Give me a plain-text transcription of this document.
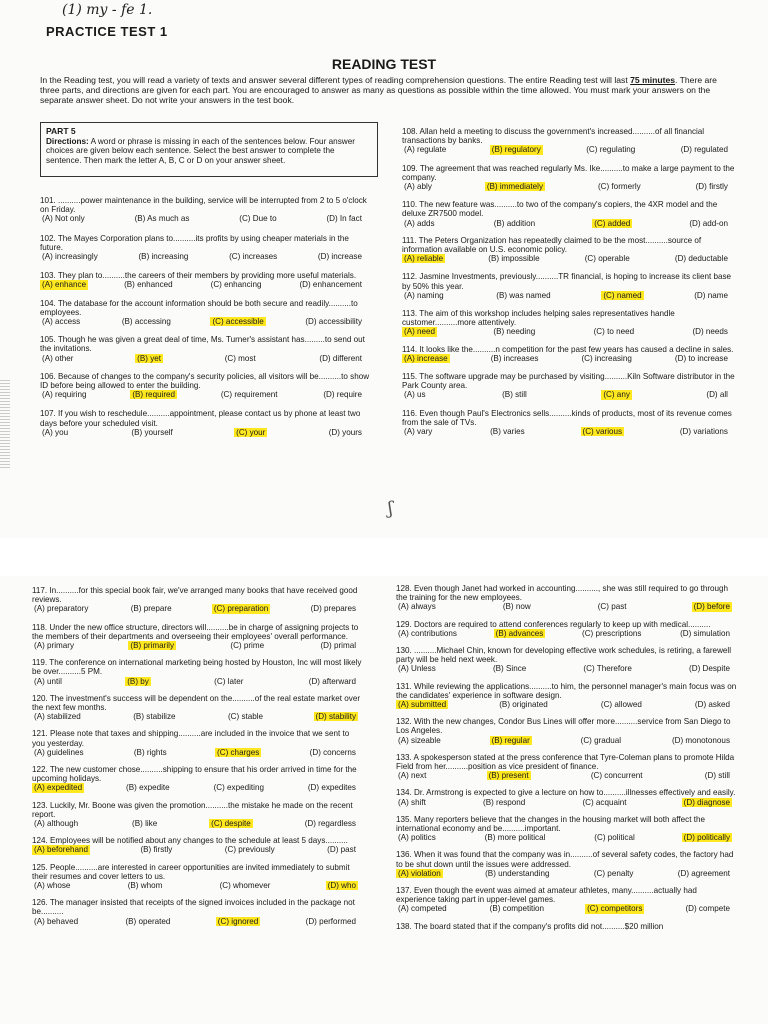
(1) my - fe 1.
PRACTICE TEST 1
READING TEST
In the Reading test, you will read a variety of texts and answer several different types of reading comprehension questions. The entire Reading test will last 75 minutes. There are three parts, and directions are given for each part. You are encouraged to answer as many as questions as possible within the time allowed. You must mark your answers on the separate answer sheet. Do not write your answers in the test book.
PART 5
Directions: A word or phrase is missing in each of the sentences below. Four answer choices are given below each sentence. Select the best answer to complete the sentence. Then mark the letter A, B, C or D on your answer sheet.
101. ..........power maintenance in the building, service will be interrupted from 2 to 5 o'clock on Friday.
(A) Not only	(B) As much as	(C) Due to	(D) In fact
102. The Mayes Corporation plans to..........its profits by using cheaper materials in the future.
(A) increasingly	(B) increasing	(C) increases	(D) increase
103. They plan to..........the careers of their members by providing more useful materials.
(A) enhance	(B) enhanced	(C) enhancing	(D) enhancement
104. The database for the account information should be both secure and readily..........to employees.
(A) access	(B) accessing	(C) accessible	(D) accessibility
105. Though he was given a great deal of time, Ms. Turner's assistant has.........to send out the invitations.
(A) other	(B) yet	(C) most	(D) different
106. Because of changes to the company's security policies, all visitors will be..........to show ID before being allowed to enter the building.
(A) requiring	(B) required	(C) requirement	(D) require
107. If you wish to reschedule..........appointment, please contact us by phone at least two days before your scheduled visit.
(A) you	(B) yourself	(C) your	(D) yours
108. Allan held a meeting to discuss the government's increased..........of all financial transactions by banks.
(A) regulate	(B) regulatory	(C) regulating	(D) regulated
109. The agreement that was reached regularly Ms. Ike..........to make a large payment to the company.
(A) ably	(B) immediately	(C) formerly	(D) firstly
110. The new feature was..........to two of the company's copiers, the 4XR model and the deluxe ZR7500 model.
(A) adds	(B) addition	(C) added	(D) add-on
111. The Peters Organization has repeatedly claimed to be the most..........source of information available on U.S. economic policy.
(A) reliable	(B) impossible	(C) operable	(D) deductable
112. Jasmine Investments, previously..........TR financial, is hoping to increase its client base by 50% this year.
(A) naming	(B) was named	(C) named	(D) name
113. The aim of this workshop includes helping sales representatives handle customer..........more attentively.
(A) need	(B) needing	(C) to need	(D) needs
114. It looks like the..........n competition for the past few years has caused a decline in sales.
(A) increase	(B) increases	(C) increasing	(D) to increase
115. The software upgrade may be purchased by visiting..........Kiln Software distributor in the Park County area.
(A) us	(B) still	(C) any	(D) all
116. Even though Paul's Electronics sells..........kinds of products, most of its revenue comes from the sale of TVs.
(A) vary	(B) varies	(C) various	(D) variations
ʃ
117. In..........for this special book fair, we've arranged many books that have received good reviews.
(A) preparatory	(B) prepare	(C) preparation	(D) prepares
118. Under the new office structure, directors will..........be in charge of assigning projects to the members of their departments and overseeing their employees' overall performance.
(A) primary	(B) primarily	(C) prime	(D) primal
119. The conference on international marketing being hosted by Houston, Inc will most likely be over..........5 PM.
(A) until	(B) by	(C) later	(D) afterward
120. The investment's success will be dependent on the..........of the real estate market over the next few months.
(A) stabilized	(B) stabilize	(C) stable	(D) stability
121. Please note that taxes and shipping..........are included in the invoice that we sent to you yesterday.
(A) guidelines	(B) rights	(C) charges	(D) concerns
122. The new customer chose..........shipping to ensure that his order arrived in time for the upcoming holidays.
(A) expedited	(B) expedite	(C) expediting	(D) expedites
123. Luckily, Mr. Boone was given the promotion..........the mistake he made on the recent report.
(A) although	(B) like	(C) despite	(D) regardless
124. Employees will be notified about any changes to the schedule at least 5 days..........
(A) beforehand	(B) firstly	(C) previously	(D) past
125. People..........are interested in career opportunities are invited immediately to submit their resumes and cover letters to us.
(A) whose	(B) whom	(C) whomever	(D) who
126. The manager insisted that receipts of the signed invoices included in the package not be..........
(A) behaved	(B) operated	(C) ignored	(D) performed
128. Even though Janet had worked in accounting.........., she was still required to go through the training for the new employees.
(A) always	(B) now	(C) past	(D) before
129. Doctors are required to attend conferences regularly to keep up with medical..........
(A) contributions	(B) advances	(C) prescriptions	(D) simulation
130. ..........Michael Chin, known for developing effective work schedules, is retiring, a farewell party will be held next week.
(A) Unless	(B) Since	(C) Therefore	(D) Despite
131. While reviewing the applications..........to him, the personnel manager's main focus was on the candidates' experience in software design.
(A) submitted	(B) originated	(C) allowed	(D) asked
132. With the new changes, Condor Bus Lines will offer more..........service from San Diego to Los Angeles.
(A) sizeable	(B) regular	(C) gradual	(D) monotonous
133. A spokesperson stated at the press conference that Tyre-Coleman plans to promote Hilda Field from her..........position as vice president of finance.
(A) next	(B) present	(C) concurrent	(D) still
134. Dr. Armstrong is expected to give a lecture on how to..........illnesses effectively and easily.
(A) shift	(B) respond	(C) acquaint	(D) diagnose
135. Many reporters believe that the changes in the housing market will both affect the international economy and be..........important.
(A) politics	(B) more political	(C) political	(D) politically
136. When it was found that the company was in..........of several safety codes, the factory had to be shut down until the issues were addressed.
(A) violation	(B) understanding	(C) penalty	(D) agreement
137. Even though the event was aimed at amateur athletes, many..........actually had experience taking part in upper-level games.
(A) competed	(B) competition	(C) competitors	(D) compete
138. The board stated that if the company's profits did not..........$20 million
